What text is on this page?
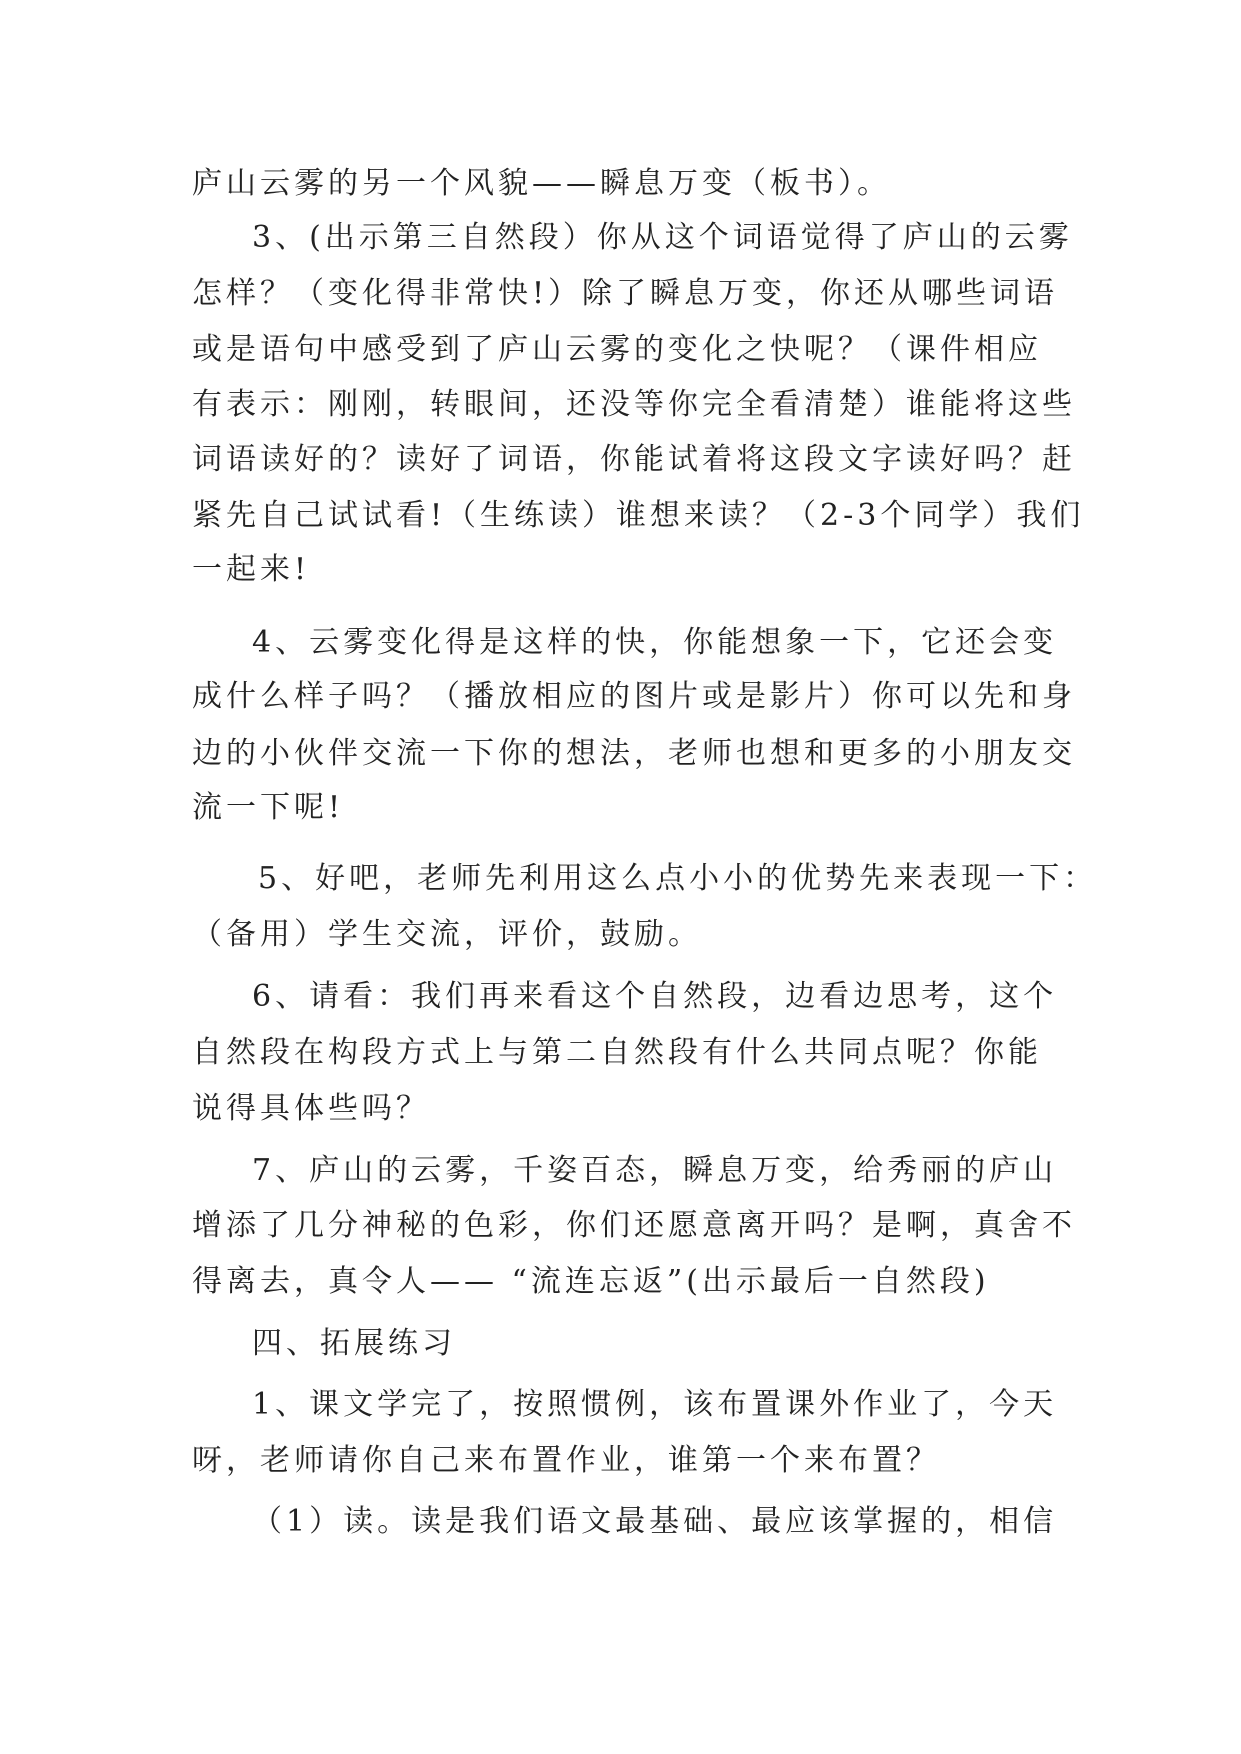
庐山云雾的另一个风貌——瞬息万变（板书）。
3、(出示第三自然段）你从这个词语觉得了庐山的云雾
怎样？（变化得非常快!）除了瞬息万变，你还从哪些词语
或是语句中感受到了庐山云雾的变化之快呢？（课件相应
有表示：刚刚，转眼间，还没等你完全看清楚）谁能将这些
词语读好的？读好了词语，你能试着将这段文字读好吗？赶
紧先自己试试看!（生练读）谁想来读？（2-3个同学）我们
一起来!
4、云雾变化得是这样的快，你能想象一下，它还会变
成什么样子吗？（播放相应的图片或是影片）你可以先和身
边的小伙伴交流一下你的想法，老师也想和更多的小朋友交
流一下呢!
5、好吧，老师先利用这么点小小的优势先来表现一下：
（备用）学生交流，评价，鼓励。
6、请看：我们再来看这个自然段，边看边思考，这个
自然段在构段方式上与第二自然段有什么共同点呢？你能
说得具体些吗？
7、庐山的云雾，千姿百态，瞬息万变，给秀丽的庐山
增添了几分神秘的色彩，你们还愿意离开吗？是啊，真舍不
得离去，真令人—— “流连忘返”(出示最后一自然段)
四、拓展练习
1、课文学完了，按照惯例，该布置课外作业了，今天
呀，老师请你自己来布置作业，谁第一个来布置？
（1）读。读是我们语文最基础、最应该掌握的，相信
